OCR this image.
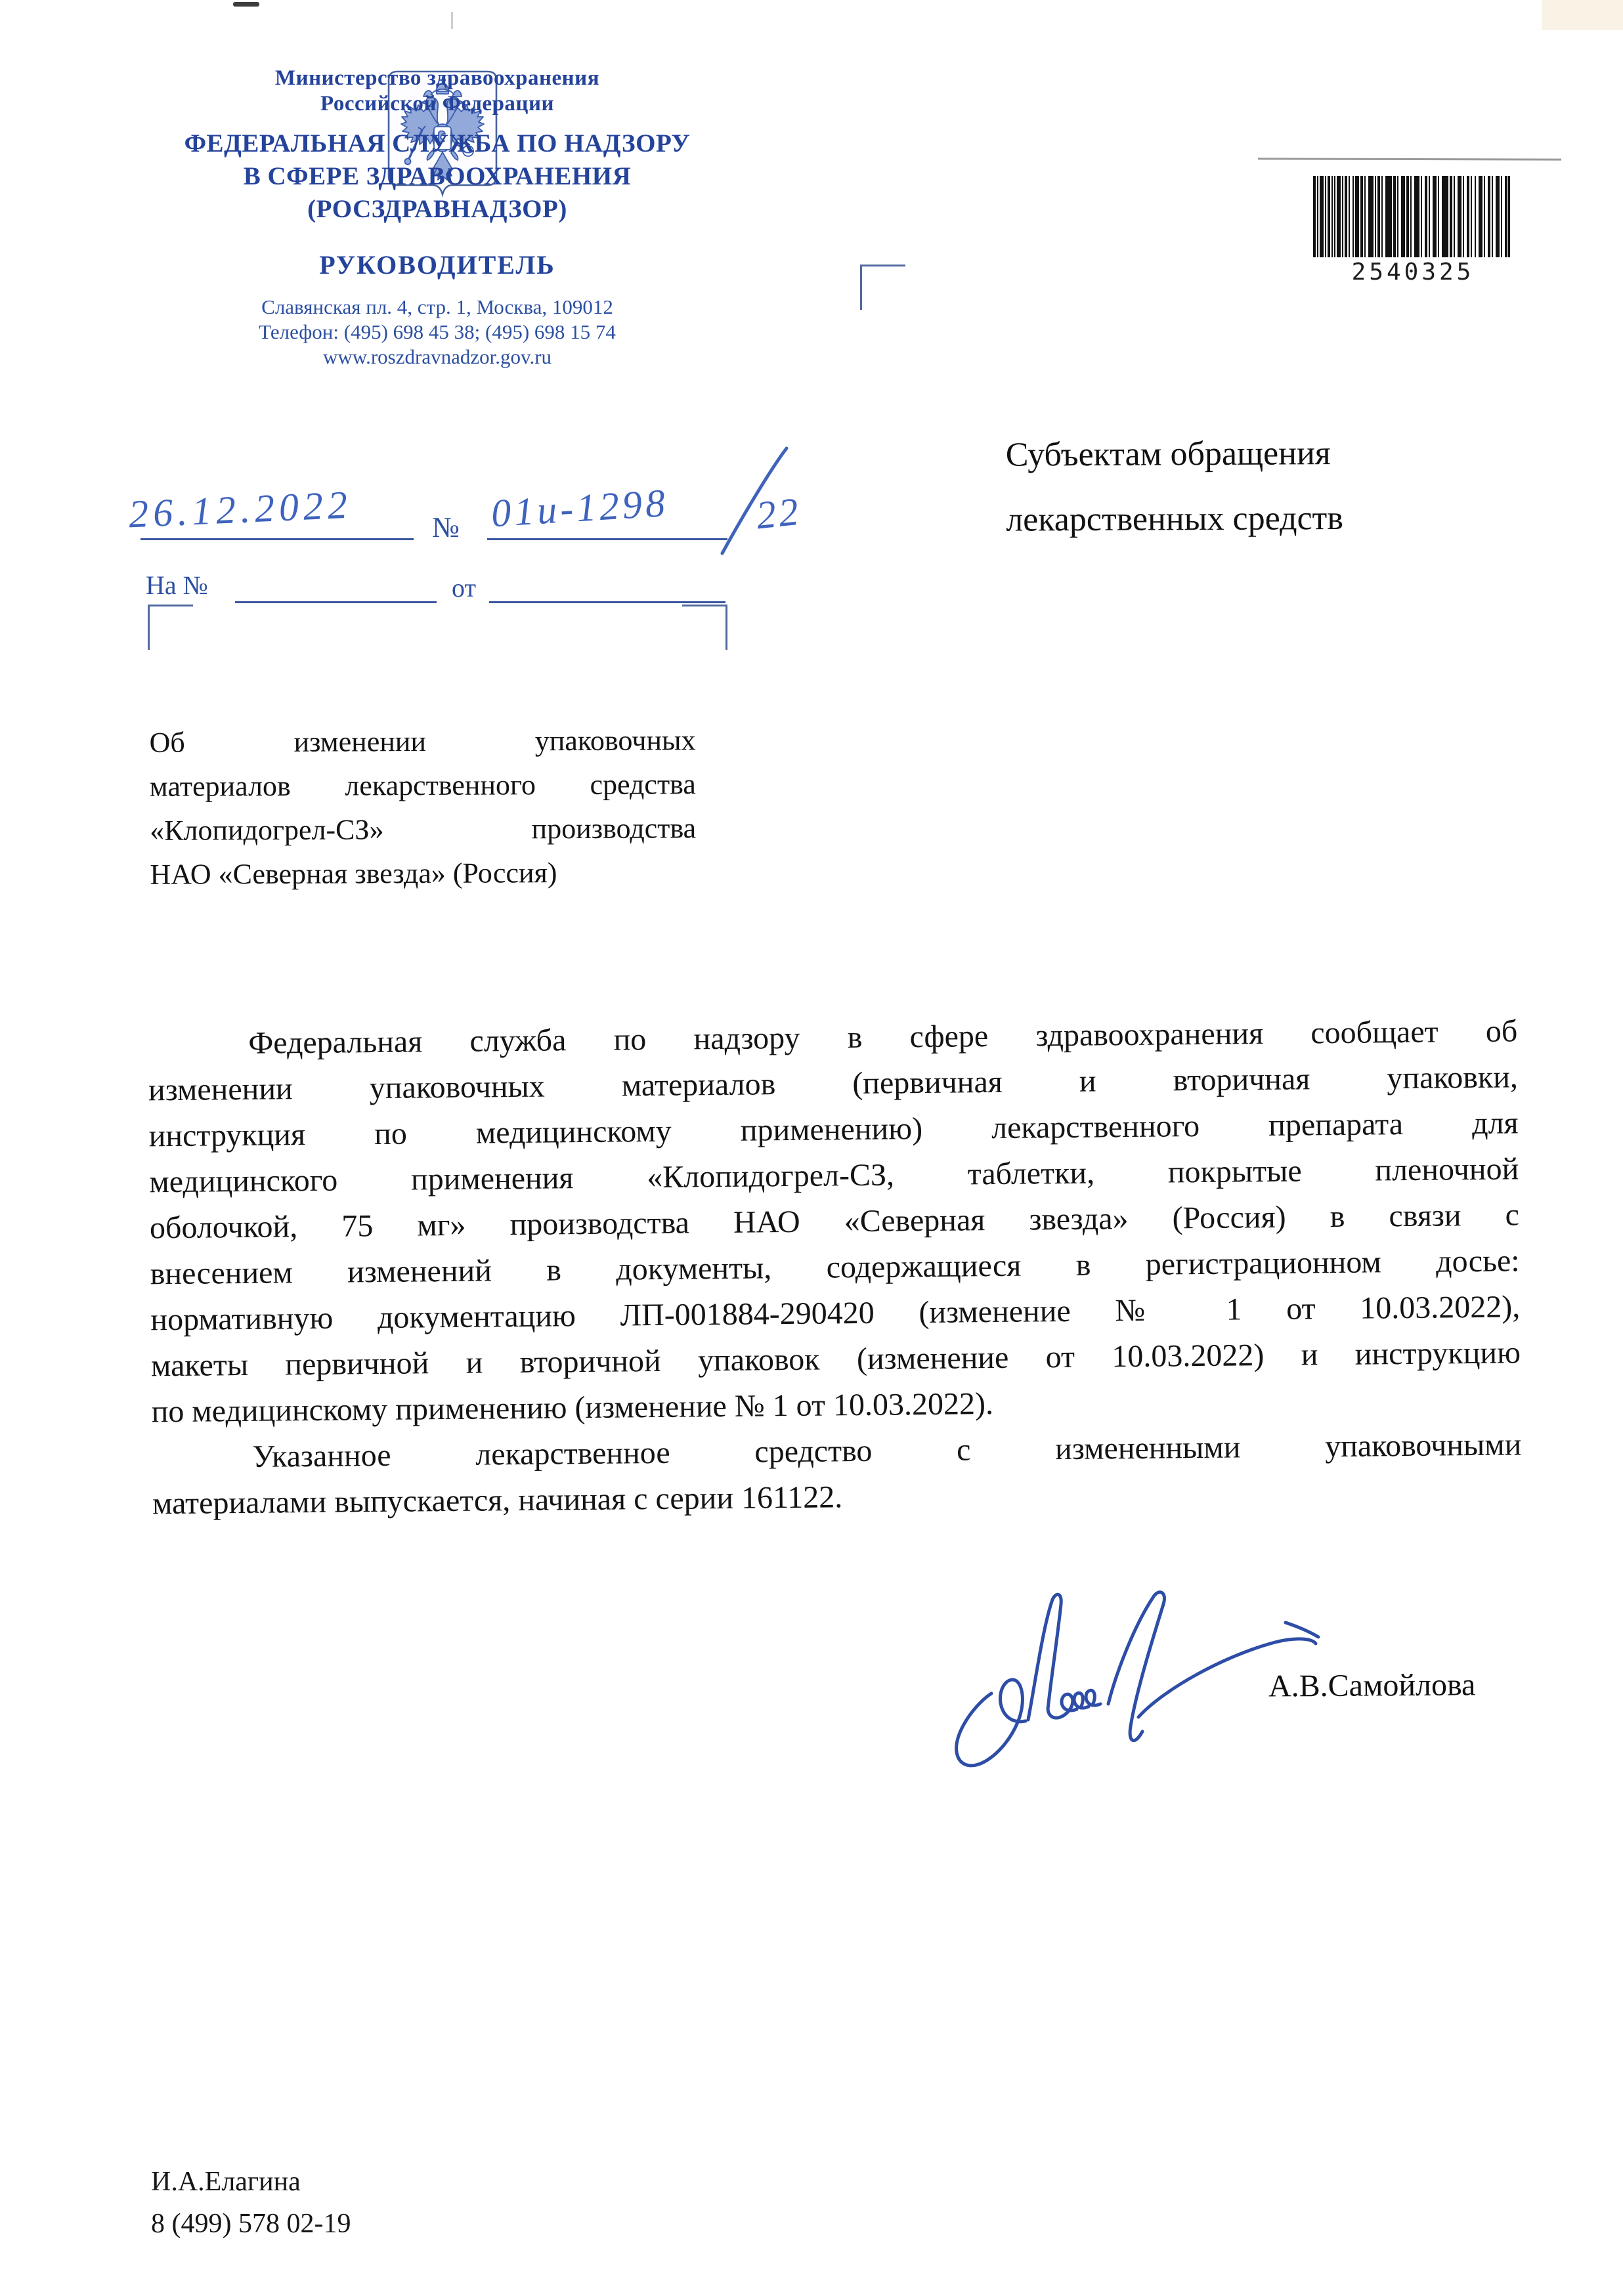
Министерство здравоохранения
Российской Федерации
ФЕДЕРАЛЬНАЯ СЛУЖБА ПО НАДЗОРУ
В СФЕРЕ ЗДРАВООХРАНЕНИЯ
(РОСЗДРАВНАДЗОР)
РУКОВОДИТЕЛЬ
Славянская пл. 4, стр. 1, Москва, 109012
Телефон: (495) 698 45 38; (495) 698 15 74
www.roszdravnadzor.gov.ru
26.12.2022	№ 01и-1298 22
На №	от
2540325
Субъектам обращения
лекарственных средств
Об изменении упаковочных
материалов лекарственного средства
«Клопидогрел-СЗ» производства
НАО «Северная звезда» (Россия)
Федеральная служба по надзору в сфере здравоохранения сообщает об
изменении упаковочных материалов (первичная и вторичная упаковки,
инструкция по медицинскому применению) лекарственного препарата для
медицинского применения «Клопидогрел-СЗ, таблетки, покрытые пленочной
оболочкой, 75 мг» производства НАО «Северная звезда» (Россия) в связи с
внесением изменений в документы, содержащиеся в регистрационном досье:
нормативную документацию ЛП-001884-290420 (изменение № 1 от 10.03.2022),
макеты первичной и вторичной упаковок (изменение от 10.03.2022) и инструкцию
по медицинскому применению (изменение № 1 от 10.03.2022).
Указанное лекарственное средство с измененными упаковочными
материалами выпускается, начиная с серии 161122.
А.В.Самойлова
И.А.Елагина
8 (499) 578 02-19
